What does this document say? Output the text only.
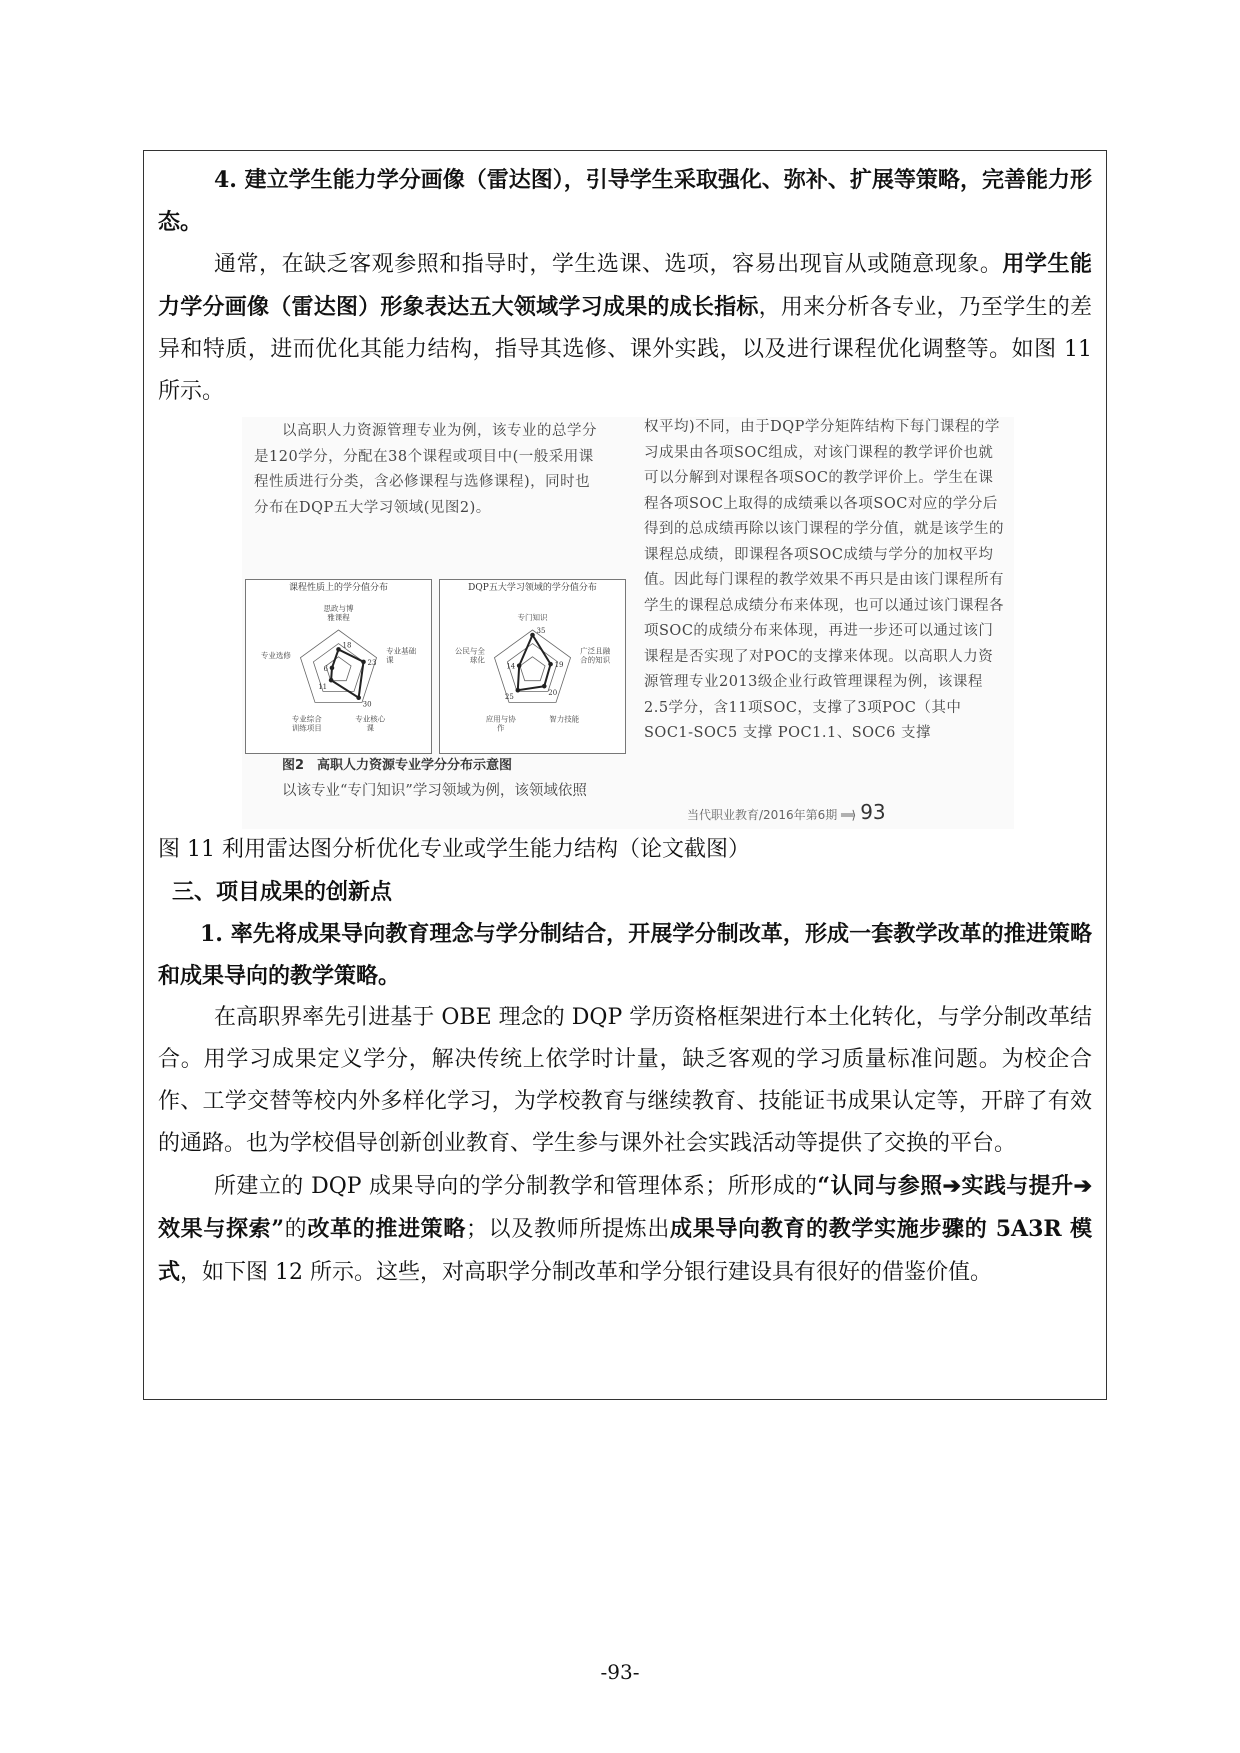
4. 建立学生能力学分画像（雷达图），引导学生采取强化、弥补、扩展等策略，完善能力形态。

通常，在缺乏客观参照和指导时，学生选课、选项，容易出现盲从或随意现象。用学生能力学分画像（雷达图）形象表达五大领域学习成果的成长指标，用来分析各专业，乃至学生的差异和特质，进而优化其能力结构，指导其选修、课外实践，以及进行课程优化调整等。如图 11 所示。

以高职人力资源管理专业为例，该专业的总学分是120学分，分配在38个课程或项目中(一般采用课程性质进行分类，含必修课程与选修课程)，同时也分布在DQP五大学习领域(见图2)。
课程性质上的学分值分布
18
23
30
11
6
思政与博雅课程
专业基础课
专业核心课
专业综合训练项目
专业选修
DQP五大学习领域的学分值分布
35
19
20
25
14
专门知识
广泛且融合的知识
智力技能
应用与协作
公民与全球化
图2　高职人力资源专业学分分布示意图
以该专业“专门知识”学习领域为例，该领域依照
权平均)不同，由于DQP学分矩阵结构下每门课程的学习成果由各项SOC组成，对该门课程的教学评价也就可以分解到对课程各项SOC的教学评价上。学生在课程各项SOC上取得的成绩乘以各项SOC对应的学分后得到的总成绩再除以该门课程的学分值，就是该学生的课程总成绩，即课程各项SOC成绩与学分的加权平均值。因此每门课程的教学效果不再只是由该门课程所有学生的课程总成绩分布来体现，也可以通过该门课程各项SOC的成绩分布来体现，再进一步还可以通过该门课程是否实现了对POC的支撑来体现。以高职人力资源管理专业2013级企业行政管理课程为例，该课程2.5学分，含11项SOC，支撑了3项POC（其中 SOC1-SOC5 支撑 POC1.1、SOC6 支撑
当代职业教育/2016年第6期 ══⟩ 93

图 11 利用雷达图分析优化专业或学生能力结构（论文截图）

三、项目成果的创新点

1. 率先将成果导向教育理念与学分制结合，开展学分制改革，形成一套教学改革的推进策略和成果导向的教学策略。

在高职界率先引进基于 OBE 理念的 DQP 学历资格框架进行本土化转化，与学分制改革结合。用学习成果定义学分，解决传统上依学时计量，缺乏客观的学习质量标准问题。为校企合作、工学交替等校内外多样化学习，为学校教育与继续教育、技能证书成果认定等，开辟了有效的通路。也为学校倡导创新创业教育、学生参与课外社会实践活动等提供了交换的平台。

所建立的 DQP 成果导向的学分制教学和管理体系；所形成的“认同与参照➔实践与提升➔效果与探索”的改革的推进策略；以及教师所提炼出成果导向教育的教学实施步骤的 5A3R 模式，如下图 12 所示。这些，对高职学分制改革和学分银行建设具有很好的借鉴价值。

-93-
